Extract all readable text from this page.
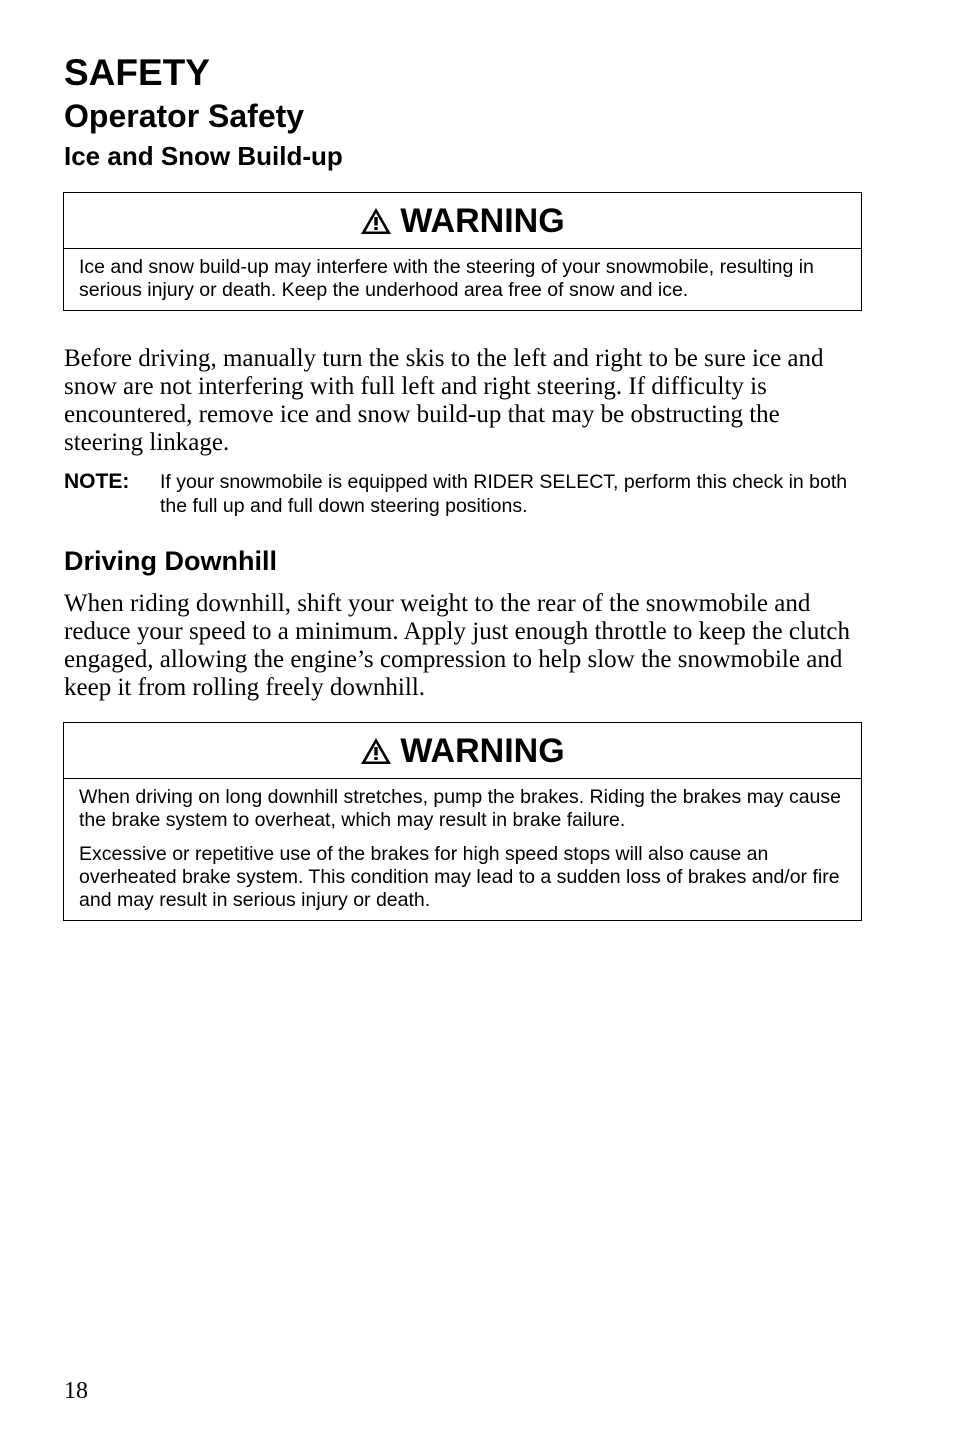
SAFETY
Operator Safety
Ice and Snow Build-up
WARNING

Ice and snow build-up may interfere with the steering of your snowmobile, resulting in serious injury or death. Keep the underhood area free of snow and ice.

Before driving, manually turn the skis to the left and right to be sure ice and snow are not interfering with full left and right steering. If difficulty is encountered, remove ice and snow build-up that may be obstructing the steering linkage.

NOTE:	If your snowmobile is equipped with RIDER SELECT, perform this check in both the full up and full down steering positions.
Driving Downhill

When riding downhill, shift your weight to the rear of the snowmobile and reduce your speed to a minimum. Apply just enough throttle to keep the clutch engaged, allowing the engine’s compression to help slow the snowmobile and keep it from rolling freely downhill.

WARNING

When driving on long downhill stretches, pump the brakes. Riding the brakes may cause the brake system to overheat, which may result in brake failure.

Excessive or repetitive use of the brakes for high speed stops will also cause an overheated brake system. This condition may lead to a sudden loss of brakes and/or fire and may result in serious injury or death.

18
